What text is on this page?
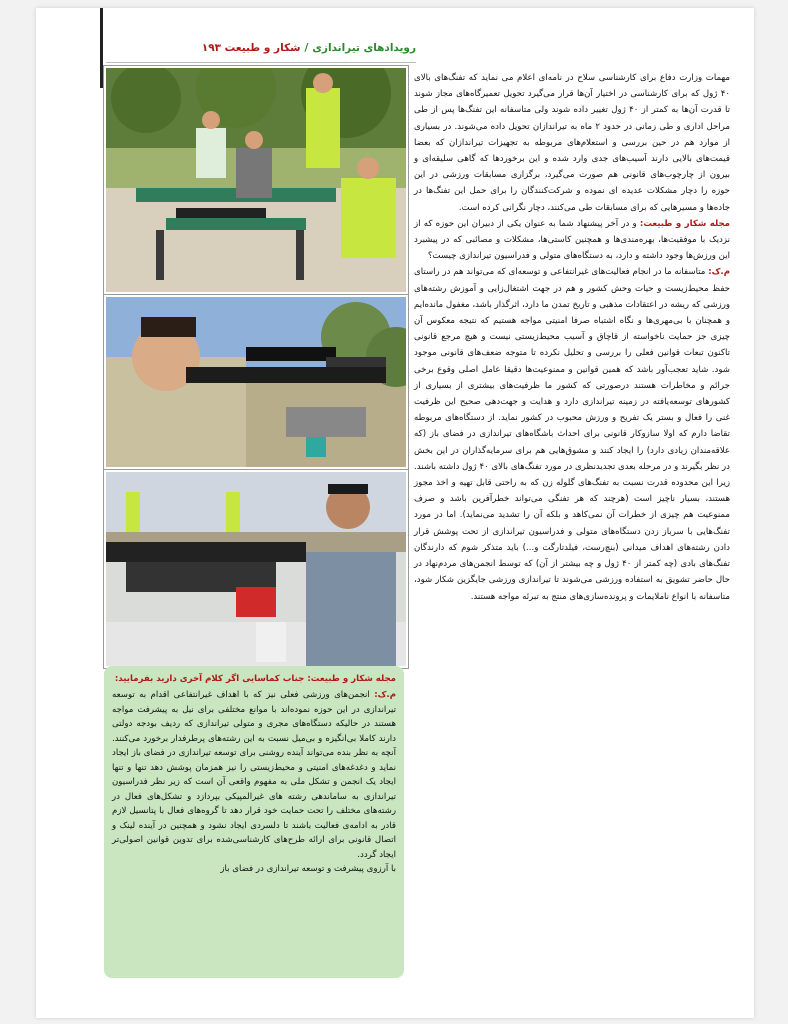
رویدادهای تیراندازی
/
شکار و طبیعت ۱۹۳
مجله شکار و طبیعت: جناب کماسایی اگر کلام آخری دارید بفرمایید:
م.ک: انجمن‌های ورزشی فعلی نیز که با اهداف غیرانتفاعی اقدام به توسعه تیراندازی در این حوزه نموده‌اند با موانع مختلفی برای نیل به پیشرفت مواجه هستند در حالیکه دستگاه‌های مجری و متولی تیراندازی که ردیف بودجه دولتی دارند کاملا بی‌انگیزه و بی‌میل نسبت به این رشته‌های پرطرفدار برخورد می‌کنند. آنچه به نظر بنده می‌تواند آینده روشنی برای توسعه تیراندازی در فضای باز ایجاد نماید و دغدغه‌های امنیتی و محیط‌زیستی را نیز همزمان پوشش دهد تنها و تنها ایجاد یک انجمن و تشکل ملی به مفهوم واقعی آن است که زیر نظر فدراسیون تیراندازی به ساماندهی رشته های غیرالمپیکی بپردازد و تشکل‌های فعال در رشته‌های مختلف را تحت حمایت خود قرار دهد تا گروه‌های فعال با پتانسیل لازم قادر به ادامه‌ی فعالیت باشند تا دلسردی ایجاد نشود و همچنین در آینده لینک و اتصال قانونی برای ارائه طرح‌های کارشناسی‌شده برای تدوین قوانین اصولی‌تر ایجاد گردد.
با آرزوی پیشرفت و توسعه تیراندازی در فضای باز

مهمات وزارت دفاع برای کارشناسی سلاح در نامه‌ای اعلام می نماید که تفنگ‌های بالای ۴۰ ژول که برای کارشناسی در اختیار آن‌ها قرار می‌گیرد تحویل تعمیرگاه‌های مجاز شوند تا قدرت آن‌ها به کمتر از ۴۰ ژول تغییر داده شوند ولی متاسفانه این تفنگ‌ها پس از طی مراحل اداری و طی زمانی در حدود ۲ ماه به تیراندازان تحویل داده می‌شوند. در بسیاری از موارد هم در حین بررسی و استعلام‌های مربوطه به تجهیزات تیراندازان که بعضا قیمت‌های بالایی دارند آسیب‌های جدی وارد شده و این برخوردها که گاهی سلیقه‌ای و بیرون از چارچوب‌های قانونی هم صورت می‌گیرد، برگزاری مسابقات ورزشی در این حوزه را دچار مشکلات عدیده ای نموده و شرکت‌کنندگان را برای حمل این تفنگ‌ها در جاده‌ها و مسیرهایی که برای مسابقات طی می‌کنند، دچار نگرانی کرده است.

مجله شکار و طبیعت: و در آخر پیشنهاد شما به عنوان یکی از دبیران این حوزه که از نزدیک با موفقیت‌ها، بهره‌مندی‌ها و همچنین کاستی‌ها، مشکلات و مصائبی که در پیشبرد این ورزش‌ها وجود داشته و دارد، به دستگاه‌های متولی و فدراسیون تیراندازی چیست؟

م.ک: متاسفانه ما در انجام فعالیت‌های غیرانتفاعی و توسعه‌ای که می‌تواند هم در راستای حفظ محیط‌زیست و حیات وحش کشور و هم در جهت اشتغال‌زایی و آموزش رشته‌های ورزشی که ریشه در اعتقادات مذهبی و تاریخ تمدن ما دارد، اثرگذار باشد، مغفول مانده‌ایم و همچنان با بی‌مهری‌ها و نگاه اشتباه صرفا امنیتی مواجه هستیم که نتیجه معکوس آن چیزی جز حمایت ناخواسته از قاچاق و آسیب محیط‌زیستی نیست و هیچ مرجع قانونی تاکنون تبعات قوانین فعلی را بررسی و تحلیل نکرده تا متوجه ضعف‌های قانونی موجود شود. شاید تعجب‌آور باشد که همین قوانین و ممنوعیت‌ها دقیقا عامل اصلی وقوع برخی جرائم و مخاطرات هستند درصورتی که کشور ما ظرفیت‌های بیشتری از بسیاری از کشورهای توسعه‌یافته در زمینه تیراندازی دارد و هدایت و جهت‌دهی صحیح این ظرفیت غنی را فعال و بستر یک تفریح و ورزش محبوب در کشور نماید. از دستگاه‌های مربوطه تقاضا دارم که اولا سازوکار قانونی برای احداث باشگاه‌های تیراندازی در فضای باز (که علاقه‌مندان زیادی دارد) را ایجاد کنند و مشوق‌هایی هم برای سرمایه‌گذاران در این بخش در نظر بگیرند و در مرحله بعدی تجدیدنظری در مورد تفنگ‌های بالای ۴۰ ژول داشته باشند. زیرا این محدوده قدرت نسبت به تفنگ‌های گلوله زن که به راحتی قابل تهیه و اخذ مجوز هستند، بسیار ناچیز است (هرچند که هر تفنگی می‌تواند خطرآفرین باشد و صرف ممنوعیت هم چیزی از خطرات آن نمی‌کاهد و بلکه آن را تشدید می‌نماید). اما در مورد تفنگ‌هایی با سرباز زدن دستگاه‌های متولی و فدراسیون تیراندازی از تحت پوشش قرار دادن رشته‌های اهداف میدانی (بنچ‌رست، فیلدتارگت و...) باید متذکر شوم که دارندگان تفنگ‌های بادی (چه کمتر از ۴۰ ژول و چه بیشتر از آن) که توسط انجمن‌های مردم‌نهاد در حال حاضر تشویق به استفاده ورزشی می‌شوند تا تیراندازی ورزشی جایگزین شکار شود، متاسفانه با انواع ناملایمات و پرونده‌سازی‌های منتج به تبرئه مواجه هستند.
